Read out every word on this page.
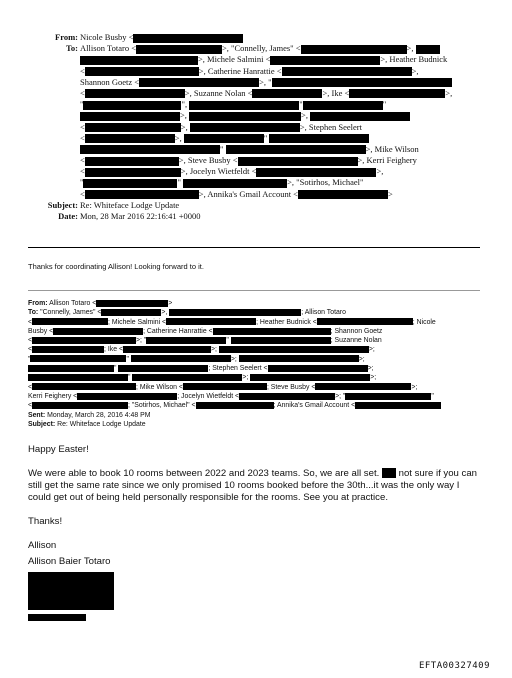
From: Nicole Busby <
To: Allison Totaro <	>, "Connelly, James" <	>,
>, Michele Salmini <	>, Heather Budnick
<	>, Catherine Hanrattie <	>,
Shannon Goetz <	>, "
<	>, Suzanne Nolan <	>, Ike <	>,
"	",	"	"
>,	>,
<	>,	>, Stephen Seelert
<	>,	"
"	>, Mike Wilson
<	>, Steve Busby <	>, Kerri Feighery
<	>, Jocelyn Wietfeldt <	>,
"	"	>, "Sotirhos, Michael"
<	>, Annika's Gmail Account <	>
Subject: Re: Whiteface Lodge Update
Date: Mon, 28 Mar 2016 22:16:41 +0000
Thanks for coordinating Allison! Looking forward to it.
From: Allison Totaro <	>
To: "Connelly, James" <	>,	; Allison Totaro
<	; Michele Salmini <	; Heather Budnick <	; Nicole
Busby <	; Catherine Hanrattie <	; Shannon Goetz
<	>; "	"	; Suzanne Nolan
<	; Ike <	>;	>;
"	"	>;	>;
"	; Stephen Seelert <	>;
"	>;	>;
<	; Mike Wilson <	; Steve Busby <	>;
Kerri Feighery <	; Jocelyn Wietfeldt <	>; "	"
<	; "Sotirhos, Michael" <	; Annika's Gmail Account <
Sent: Monday, March 28, 2016 4:48 PM
Subject: Re: Whiteface Lodge Update

Happy Easter!

We were able to book 10 rooms between 2022 and 2023 teams. So, we are all set. not sure if you can still get the same rate since we only promised 10 rooms booked before the 30th...it was the only way I could get out of being held personally responsible for the rooms. See you at practice.

Thanks!

Allison

Allison Baier Totaro
EFTA00327409
